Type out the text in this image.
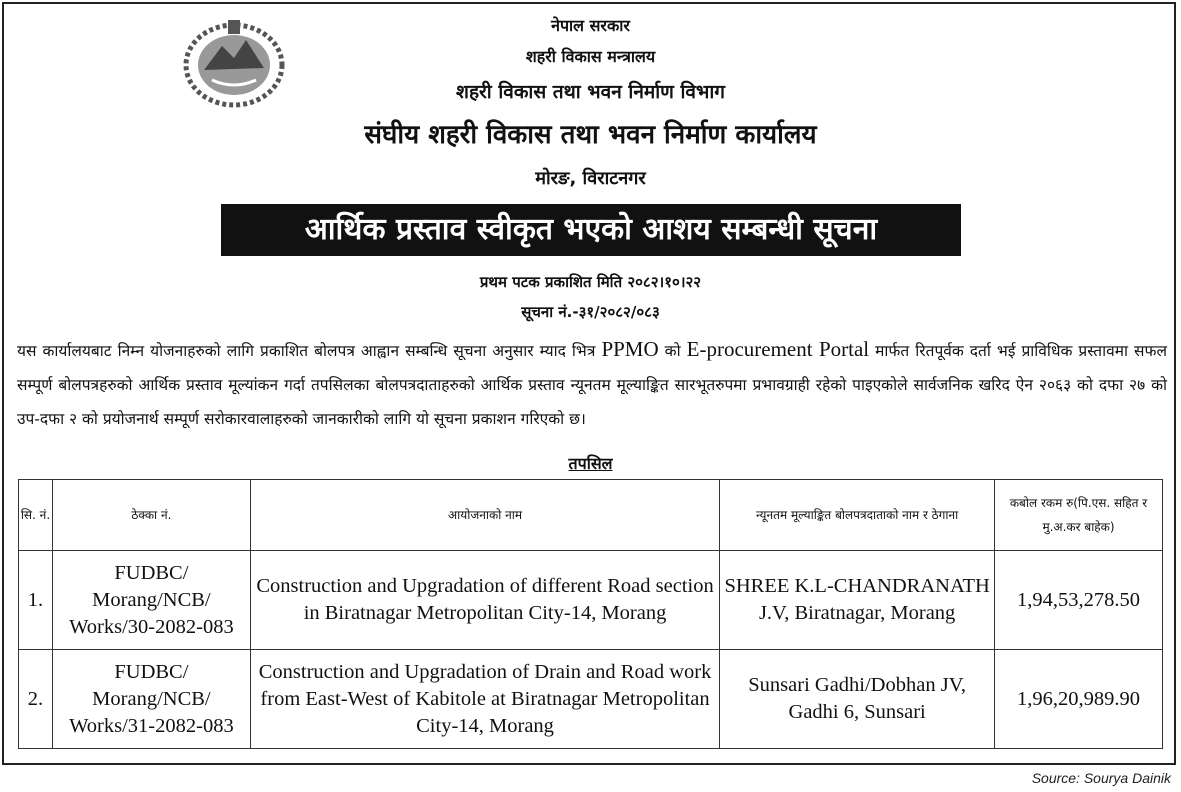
नेपाल सरकार
शहरी विकास मन्त्रालय
शहरी विकास तथा भवन निर्माण विभाग
संघीय शहरी विकास तथा भवन निर्माण कार्यालय
मोरङ, विराटनगर
आर्थिक प्रस्ताव स्वीकृत भएको आशय सम्बन्धी सूचना
प्रथम पटक प्रकाशित मिति २०८२।१०।२२
सूचना नं.-३१/२०८२/०८३
यस कार्यालयबाट निम्न योजनाहरुको लागि प्रकाशित बोलपत्र आह्वान सम्बन्धि सूचना अनुसार म्याद भित्र PPMO को E-procurement Portal मार्फत रितपूर्वक दर्ता भई प्राविधिक प्रस्तावमा सफल सम्पूर्ण बोलपत्रहरुको आर्थिक प्रस्ताव मूल्यांकन गर्दा तपसिलका बोलपत्रदाताहरुको आर्थिक प्रस्ताव न्यूनतम मूल्याङ्कित सारभूतरुपमा प्रभावग्राही रहेको पाइएकोले सार्वजनिक खरिद ऐन २०६३ को दफा २७ को उप-दफा २ को प्रयोजनार्थ सम्पूर्ण सरोकारवालाहरुको जानकारीको लागि यो सूचना प्रकाशन गरिएको छ।
तपसिल
सि. नं.	ठेक्का नं.	आयोजनाको नाम	न्यूनतम मूल्याङ्कित बोलपत्रदाताको नाम र ठेगाना	कबोल रकम रु(पि.एस. सहित र मु.अ.कर बाहेक)
1.	FUDBC/ Morang/NCB/ Works/30-2082-083	Construction and Upgradation of different Road section in Biratnagar Metropolitan City-14, Morang	SHREE K.L-CHANDRANATH J.V, Biratnagar, Morang	1,94,53,278.50
2.	FUDBC/ Morang/NCB/ Works/31-2082-083	Construction and Upgradation of Drain and Road work from East-West of Kabitole at Biratnagar Metropolitan City-14, Morang	Sunsari Gadhi/Dobhan JV, Gadhi 6, Sunsari	1,96,20,989.90
Source: Sourya Dainik
